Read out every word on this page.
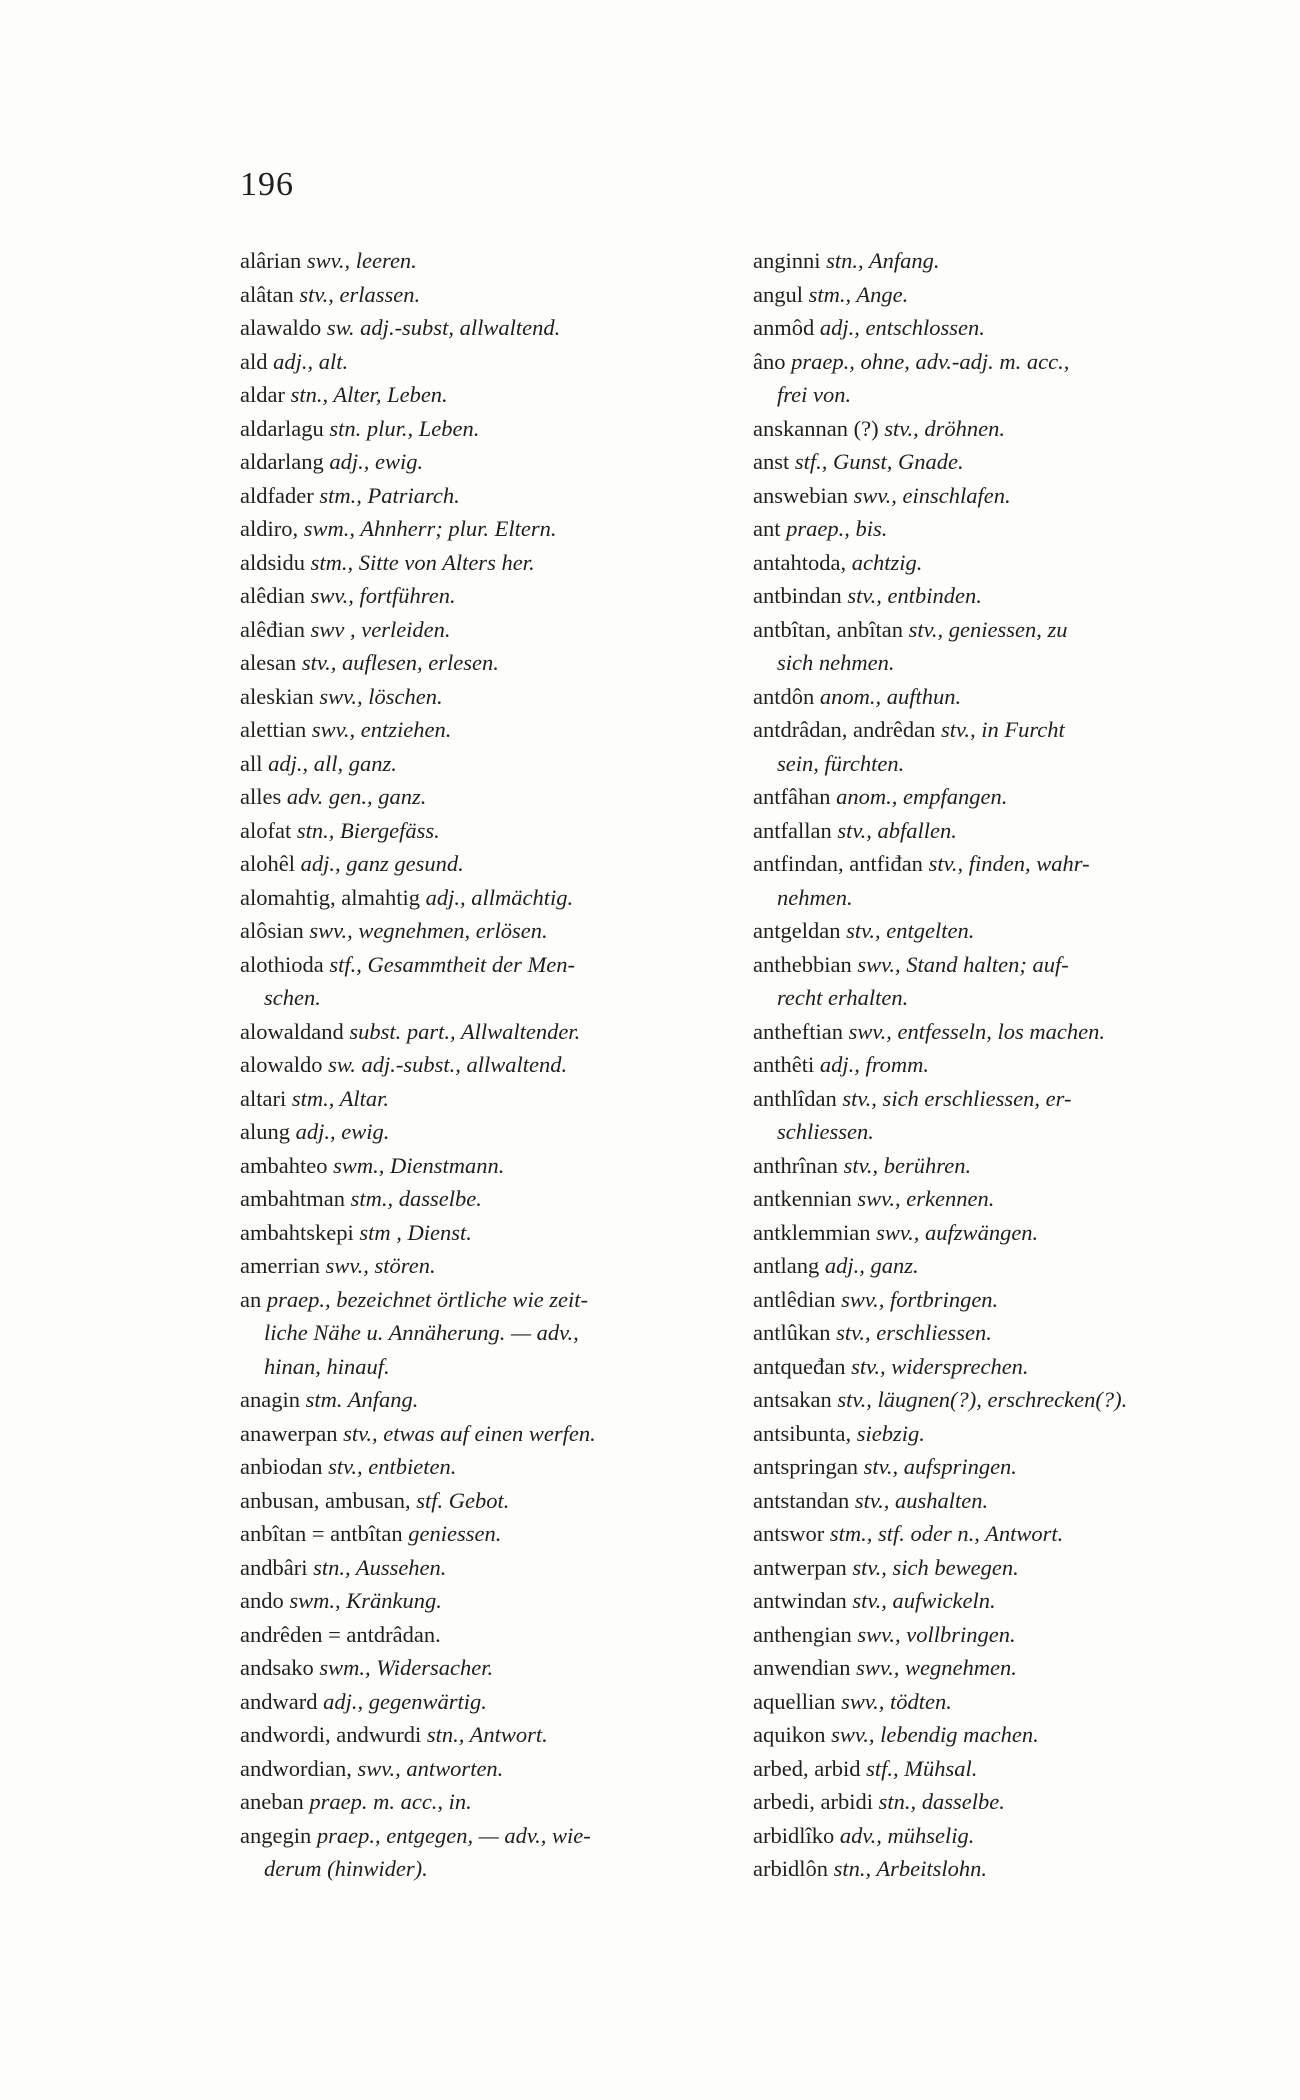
196
alârian swv., leeren.
alâtan stv., erlassen.
alawaldo sw. adj.-subst, allwaltend.
ald adj., alt.
aldar stn., Alter, Leben.
aldarlagu stn. plur., Leben.
aldarlang adj., ewig.
aldfader stm., Patriarch.
aldiro, swm., Ahnherr; plur. Eltern.
aldsidu stm., Sitte von Alters her.
alêdian swv., fortführen.
alêđian swv , verleiden.
alesan stv., auflesen, erlesen.
aleskian swv., löschen.
alettian swv., entziehen.
all adj., all, ganz.
alles adv. gen., ganz.
alofat stn., Biergefäss.
alohêl adj., ganz gesund.
alomahtig, almahtig adj., allmächtig.
alôsian swv., wegnehmen, erlösen.
alothioda stf., Gesammtheit der Men-
schen.
alowaldand subst. part., Allwaltender.
alowaldo sw. adj.-subst., allwaltend.
altari stm., Altar.
alung adj., ewig.
ambahteo swm., Dienstmann.
ambahtman stm., dasselbe.
ambahtskepi stm , Dienst.
amerrian swv., stören.
an praep., bezeichnet örtliche wie zeit-
liche Nähe u. Annäherung. — adv.,
hinan, hinauf.
anagin stm. Anfang.
anawerpan stv., etwas auf einen werfen.
anbiodan stv., entbieten.
anbusan, ambusan, stf. Gebot.
anbîtan = antbîtan geniessen.
andbâri stn., Aussehen.
ando swm., Kränkung.
andrêden = antdrâdan.
andsako swm., Widersacher.
andward adj., gegenwärtig.
andwordi, andwurdi stn., Antwort.
andwordian, swv., antworten.
aneban praep. m. acc., in.
angegin praep., entgegen, — adv., wie-
derum (hinwider).
anginni stn., Anfang.
angul stm., Ange.
anmôd adj., entschlossen.
âno praep., ohne, adv.-adj. m. acc.,
frei von.
anskannan (?) stv., dröhnen.
anst stf., Gunst, Gnade.
answebian swv., einschlafen.
ant praep., bis.
antahtoda, achtzig.
antbindan stv., entbinden.
antbîtan, anbîtan stv., geniessen, zu
sich nehmen.
antdôn anom., aufthun.
antdrâdan, andrêdan stv., in Furcht
sein, fürchten.
antfâhan anom., empfangen.
antfallan stv., abfallen.
antfindan, antfiđan stv., finden, wahr-
nehmen.
antgeldan stv., entgelten.
anthebbian swv., Stand halten; auf-
recht erhalten.
antheftian swv., entfesseln, los machen.
anthêti adj., fromm.
anthlîdan stv., sich erschliessen, er-
schliessen.
anthrînan stv., berühren.
antkennian swv., erkennen.
antklemmian swv., aufzwängen.
antlang adj., ganz.
antlêdian swv., fortbringen.
antlûkan stv., erschliessen.
antqueđan stv., widersprechen.
antsakan stv., läugnen(?), erschrecken(?).
antsibunta, siebzig.
antspringan stv., aufspringen.
antstandan stv., aushalten.
antswor stm., stf. oder n., Antwort.
antwerpan stv., sich bewegen.
antwindan stv., aufwickeln.
anthengian swv., vollbringen.
anwendian swv., wegnehmen.
aquellian swv., tödten.
aquikon swv., lebendig machen.
arbed, arbid stf., Mühsal.
arbedi, arbidi stn., dasselbe.
arbidlîko adv., mühselig.
arbidlôn stn., Arbeitslohn.
